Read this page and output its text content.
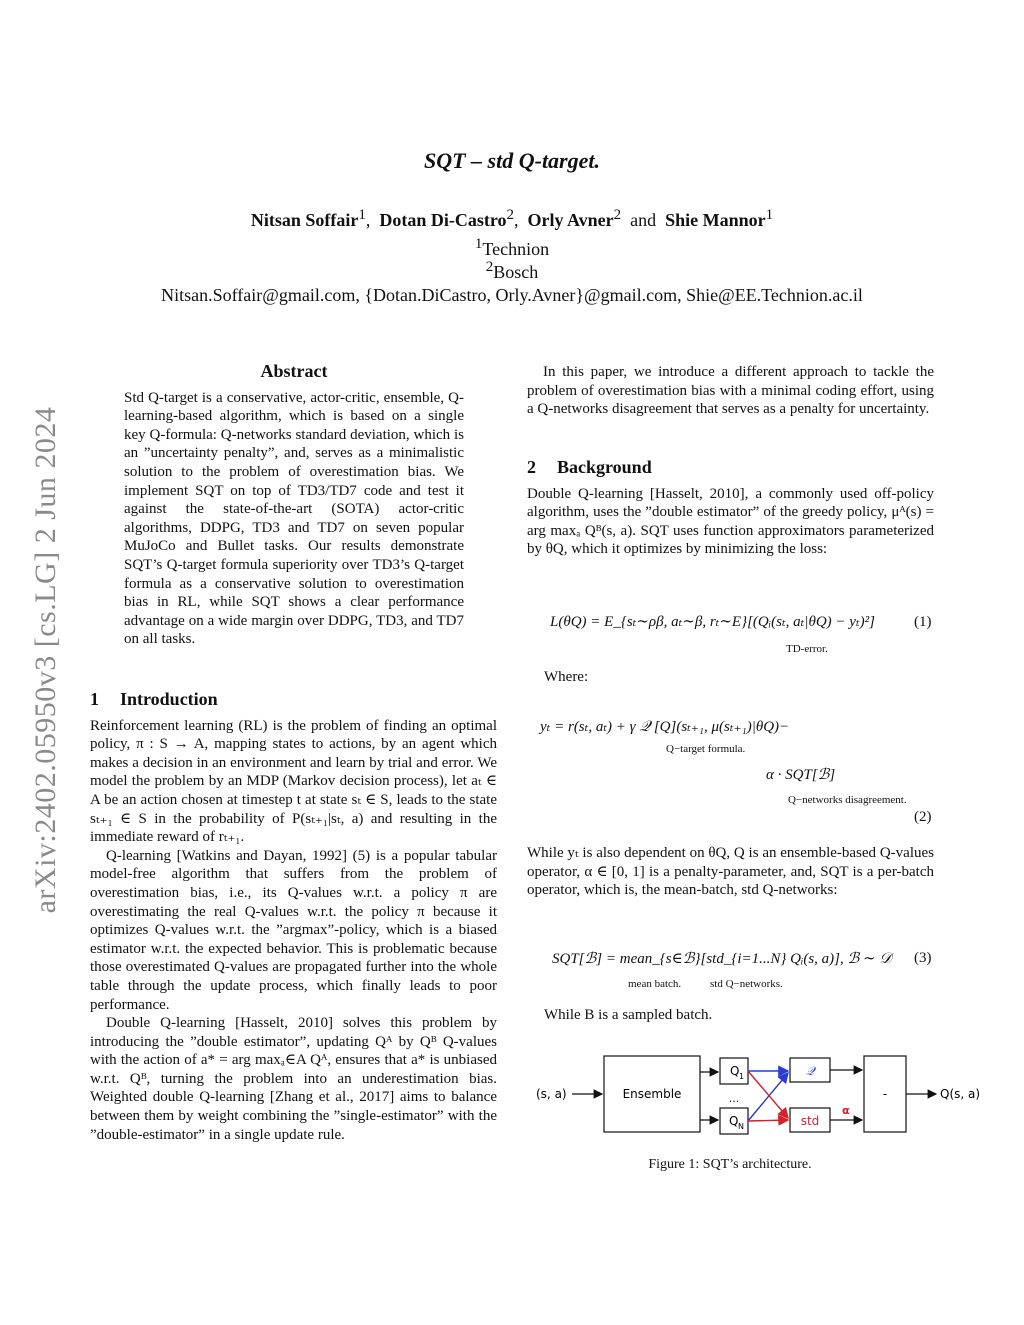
arXiv:2402.05950v3 [cs.LG] 2 Jun 2024
SQT – std Q-target.
Nitsan Soffair$^1$,  Dotan Di-Castro$^2$,  Orly Avner$^2$ and Shie Mannor$^1$
$^1$Technion
$^2$Bosch
Nitsan.Soffair@gmail.com, {Dotan.DiCastro, Orly.Avner}@gmail.com, Shie@EE.Technion.ac.il
Abstract

Std Q-target is a conservative, actor-critic, ensemble, Q-learning-based algorithm, which is based on a single key Q-formula: Q-networks standard deviation, which is an ”uncertainty penalty”, and, serves as a minimalistic solution to the problem of overestimation bias. We implement SQT on top of TD3/TD7 code and test it against the state-of-the-art (SOTA) actor-critic algorithms, DDPG, TD3 and TD7 on seven popular MuJoCo and Bullet tasks. Our results demonstrate SQT’s Q-target formula superiority over TD3’s Q-target formula as a conservative solution to overestimation bias in RL, while SQT shows a clear performance advantage on a wide margin over DDPG, TD3, and TD7 on all tasks.

1 Introduction

Reinforcement learning (RL) is the problem of finding an optimal policy, π : S → A, mapping states to actions, by an agent which makes a decision in an environment and learn by trial and error. We model the problem by an MDP (Markov decision process), let aₜ ∈ A be an action chosen at timestep t at state sₜ ∈ S, leads to the state sₜ₊₁ ∈ S in the probability of P(sₜ₊₁|sₜ, a) and resulting in the immediate reward of rₜ₊₁.

Q-learning [Watkins and Dayan, 1992] (5) is a popular tabular model-free algorithm that suffers from the problem of overestimation bias, i.e., its Q-values w.r.t. a policy π are overestimating the real Q-values w.r.t. the policy π because it optimizes Q-values w.r.t. the ”argmax”-policy, which is a biased estimator w.r.t. the expected behavior. This is problematic because those overestimated Q-values are propagated further into the whole table through the update process, which finally leads to poor performance.

Double Q-learning [Hasselt, 2010] solves this problem by introducing the ”double estimator”, updating Qᴬ by Qᴮ Q-values with the action of a* = arg maxₐ∈A Qᴬ, ensures that a* is unbiased w.r.t. Qᴮ, turning the problem into an underestimation bias. Weighted double Q-learning [Zhang et al., 2017] aims to balance between them by weight combining the ”single-estimator” with the ”double-estimator” in a single update rule.

In this paper, we introduce a different approach to tackle the problem of overestimation bias with a minimal coding effort, using a Q-networks disagreement that serves as a penalty for uncertainty.

2 Background

Double Q-learning [Hasselt, 2010], a commonly used off-policy algorithm, uses the ”double estimator” of the greedy policy, μᴬ(s) = arg maxₐ Qᴮ(s, a). SQT uses function approximators parameterized by θQ, which it optimizes by minimizing the loss:

L(θQ) = E_{sₜ∼ρβ, aₜ∼β, rₜ∼E}[(Qᵢ(sₜ, aₜ|θQ) − yₜ)²]
TD-error.
(1)
Where:
yₜ = r(sₜ, aₜ) + γ 𝒬 [Q](sₜ₊₁, μ(sₜ₊₁)|θQ)−
Q−target formula.
α · SQT[ℬ]
Q−networks disagreement.
(2)
While yₜ is also dependent on θQ, Q is an ensemble-based Q-values operator, α ∈ [0, 1] is a penalty-parameter, and, SQT is a per-batch operator, which is, the mean-batch, std Q-networks:
SQT[ℬ] = mean_{s∈ℬ}[std_{i=1...N} Qᵢ(s, a)], ℬ ∼ 𝒟
mean batch.	std Q−networks.
(3)
While B is a sampled batch.
(s, a)	Ensemble
Q 1
...
Q N
𝒬
std
α
-	Q(s, a)
Figure 1: SQT’s architecture.
